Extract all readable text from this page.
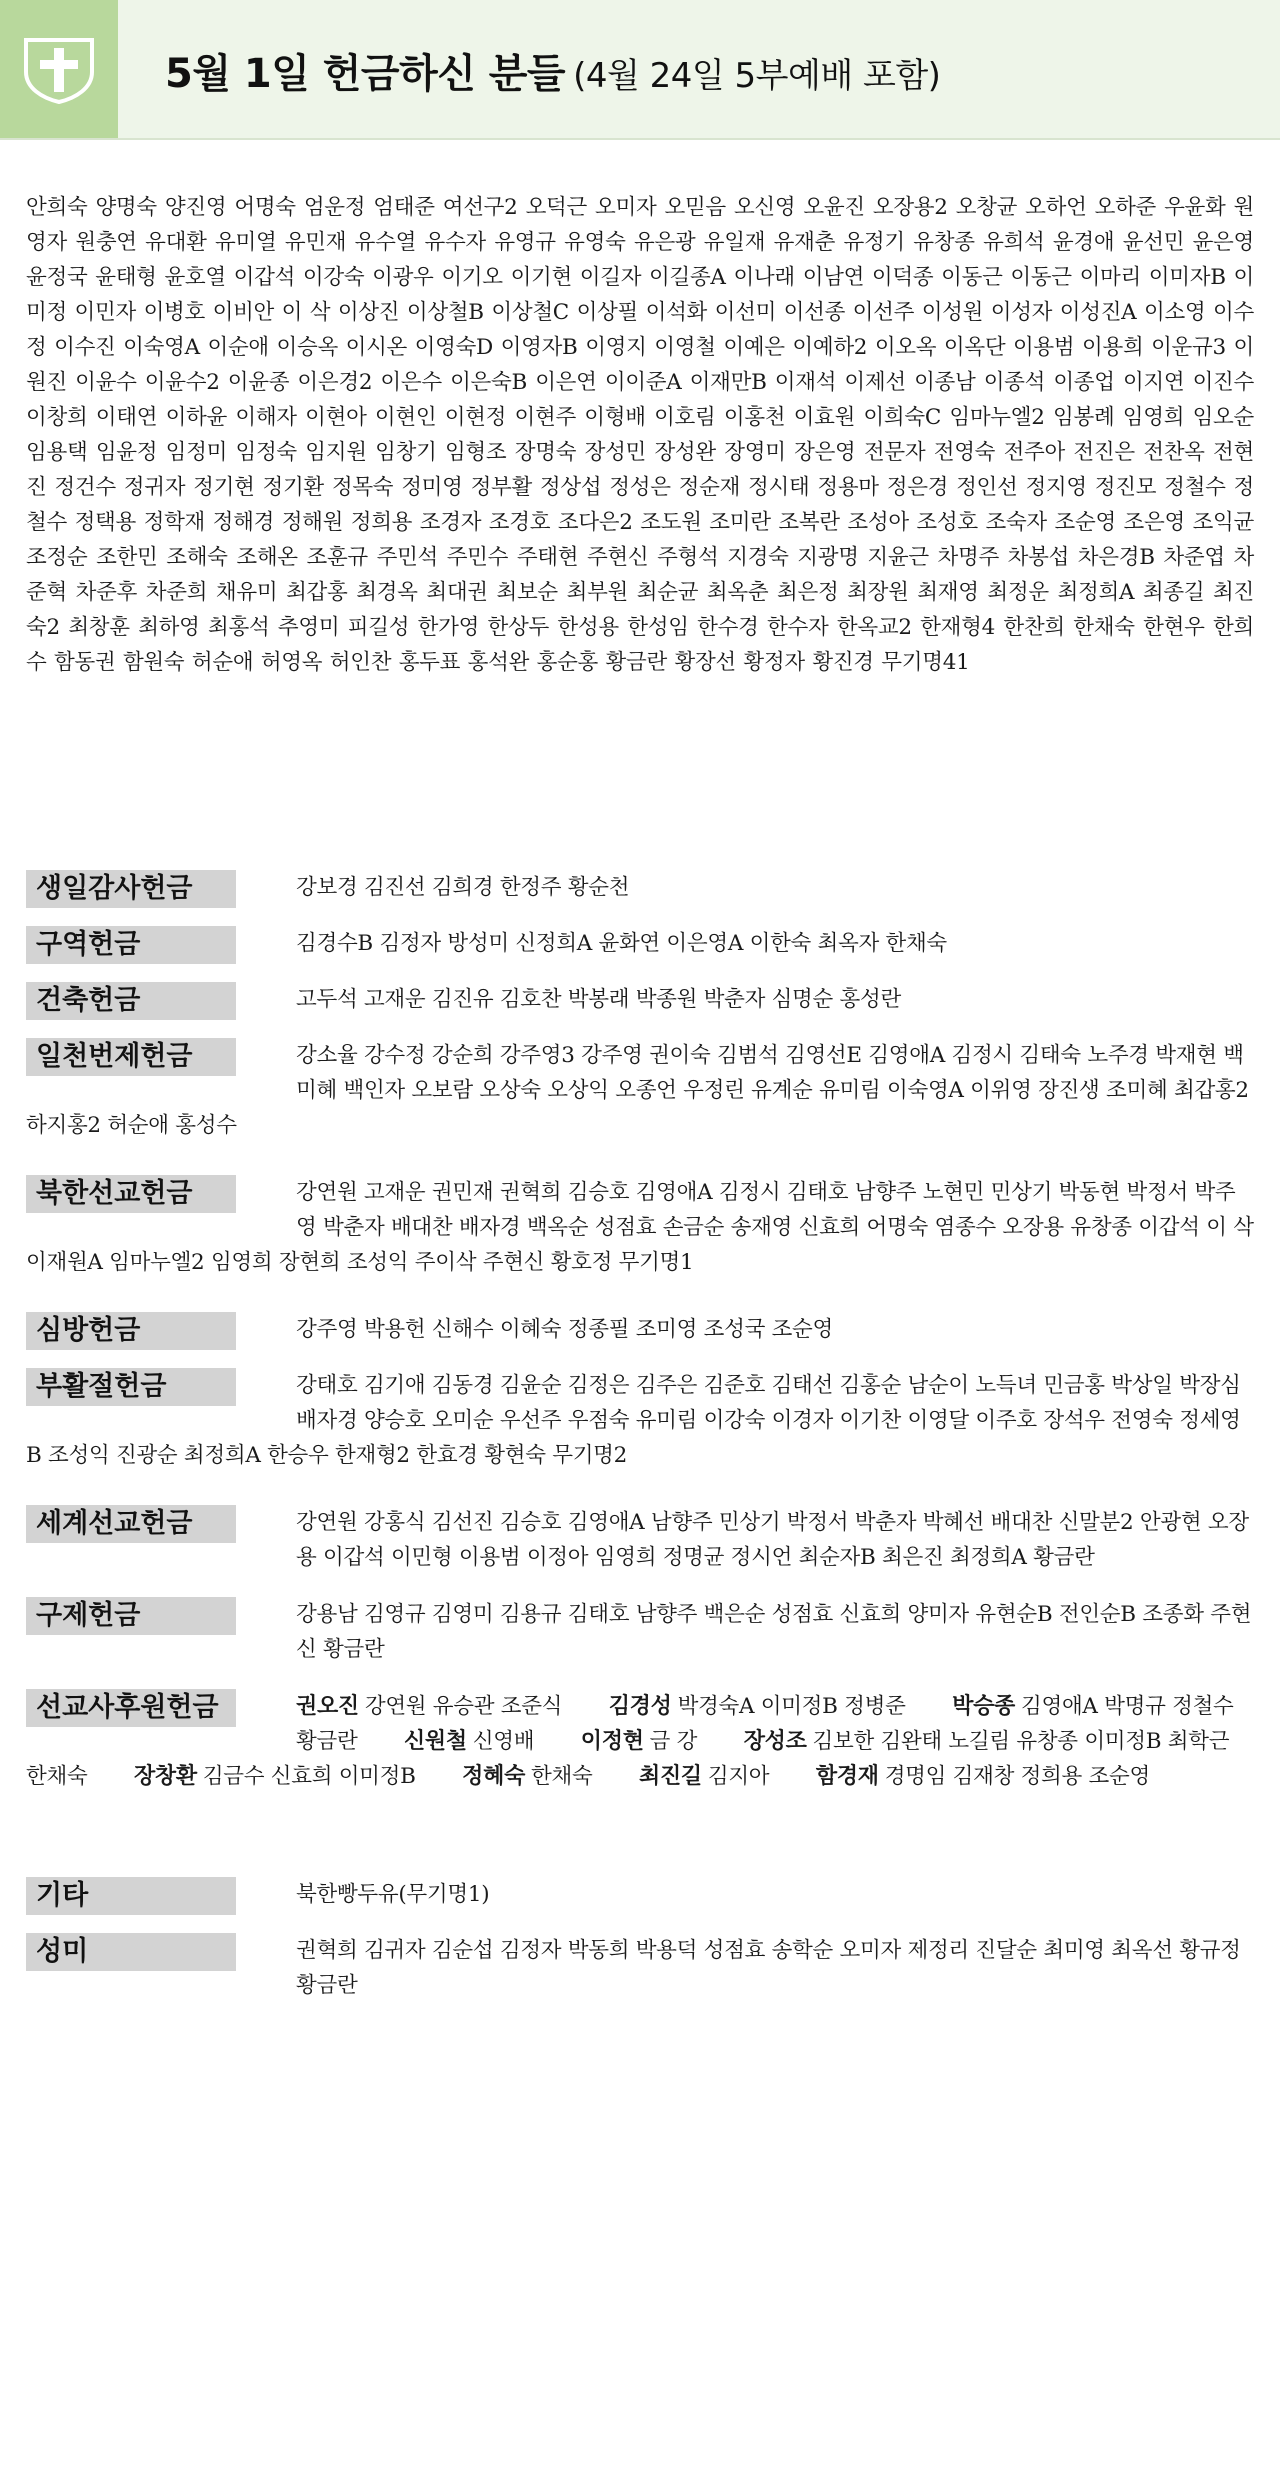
5월 1일 헌금하신 분들 (4월 24일 5부예배 포함)
안희숙 양명숙 양진영 어명숙 엄운정 엄태준 여선구2 오덕근 오미자 오믿음 오신영 오윤진 오장용2 오창균 오하언 오하준 우윤화 원영자 원충연 유대환 유미열 유민재 유수열 유수자 유영규 유영숙 유은광 유일재 유재춘 유정기 유창종 유희석 윤경애 윤선민 윤은영 윤정국 윤태형 윤호열 이갑석 이강숙 이광우 이기오 이기현 이길자 이길종A 이나래 이남연 이덕종 이동근 이동근 이마리 이미자B 이미정 이민자 이병호 이비안 이 삭 이상진 이상철B 이상철C 이상필 이석화 이선미 이선종 이선주 이성원 이성자 이성진A 이소영 이수정 이수진 이숙영A 이순애 이승옥 이시온 이영숙D 이영자B 이영지 이영철 이예은 이예하2 이오옥 이옥단 이용범 이용희 이운규3 이원진 이윤수 이윤수2 이윤종 이은경2 이은수 이은숙B 이은연 이이준A 이재만B 이재석 이제선 이종남 이종석 이종업 이지연 이진수 이창희 이태연 이하윤 이해자 이현아 이현인 이현정 이현주 이형배 이호림 이홍천 이효원 이희숙C 임마누엘2 임봉례 임영희 임오순 임용택 임윤정 임정미 임정숙 임지원 임창기 임형조 장명숙 장성민 장성완 장영미 장은영 전문자 전영숙 전주아 전진은 전찬옥 전현진 정건수 정귀자 정기현 정기환 정목숙 정미영 정부활 정상섭 정성은 정순재 정시태 정용마 정은경 정인선 정지영 정진모 정철수 정철수 정택용 정학재 정해경 정해원 정희용 조경자 조경호 조다은2 조도원 조미란 조복란 조성아 조성호 조숙자 조순영 조은영 조익균 조정순 조한민 조해숙 조해온 조훈규 주민석 주민수 주태현 주현신 주형석 지경숙 지광명 지윤근 차명주 차봉섭 차은경B 차준엽 차준혁 차준후 차준희 채유미 최갑홍 최경옥 최대권 최보순 최부원 최순균 최옥춘 최은정 최장원 최재영 최정운 최정희A 최종길 최진숙2 최창훈 최하영 최홍석 추영미 피길성 한가영 한상두 한성용 한성임 한수경 한수자 한옥교2 한재형4 한찬희 한채숙 한현우 한희수 함동권 함원숙 허순애 허영옥 허인찬 홍두표 홍석완 홍순홍 황금란 황장선 황정자 황진경 무기명41
생일감사헌금	강보경 김진선 김희경 한정주 황순천
구역헌금	김경수B 김정자 방성미 신정희A 윤화연 이은영A 이한숙 최옥자 한채숙
건축헌금	고두석 고재운 김진유 김호찬 박봉래 박종원 박춘자 심명순 홍성란
일천번제헌금	강소율 강수정 강순희 강주영3 강주영 권이숙 김범석 김영선E 김영애A 김정시 김태숙 노주경 박재현 백미혜 백인자 오보람 오상숙 오상익 오종언 우정린 유계순 유미림 이숙영A 이위영 장진생 조미혜 최갑홍2 하지홍2 허순애 홍성수
북한선교헌금	강연원 고재운 권민재 권혁희 김승호 김영애A 김정시 김태호 남향주 노현민 민상기 박동현 박정서 박주영 박춘자 배대찬 배자경 백옥순 성점효 손금순 송재영 신효희 어명숙 염종수 오장용 유창종 이갑석 이 삭 이재원A 임마누엘2 임영희 장현희 조성익 주이삭 주현신 황호정 무기명1
심방헌금	강주영 박용헌 신해수 이혜숙 정종필 조미영 조성국 조순영
부활절헌금	강태호 김기애 김동경 김윤순 김정은 김주은 김준호 김태선 김홍순 남순이 노득녀 민금홍 박상일 박장심 배자경 양승호 오미순 우선주 우점숙 유미림 이강숙 이경자 이기찬 이영달 이주호 장석우 전영숙 정세영B 조성익 진광순 최정희A 한승우 한재형2 한효경 황현숙 무기명2
세계선교헌금	강연원 강홍식 김선진 김승호 김영애A 남향주 민상기 박정서 박춘자 박혜선 배대찬 신말분2 안광현 오장용 이갑석 이민형 이용범 이정아 임영희 정명균 정시언 최순자B 최은진 최정희A 황금란
구제헌금	강용남 김영규 김영미 김용규 김태호 남향주 백은순 성점효 신효희 양미자 유현순B 전인순B 조종화 주현신 황금란
선교사후원헌금	권오진 강연원 유승관 조준식 김경성 박경숙A 이미정B 정병준 박승종 김영애A 박명규 정철수 황금란 신원철 신영배 이정현 금 강 장성조 김보한 김완태 노길림 유창종 이미정B 최학근 한채숙 장창환 김금수 신효희 이미정B 정혜숙 한채숙 최진길 김지아 함경재 경명임 김재창 정희용 조순영
기타	북한빵두유(무기명1)
성미	권혁희 김귀자 김순섭 김정자 박동희 박용덕 성점효 송학순 오미자 제정리 진달순 최미영 최옥선 황규정 황금란
